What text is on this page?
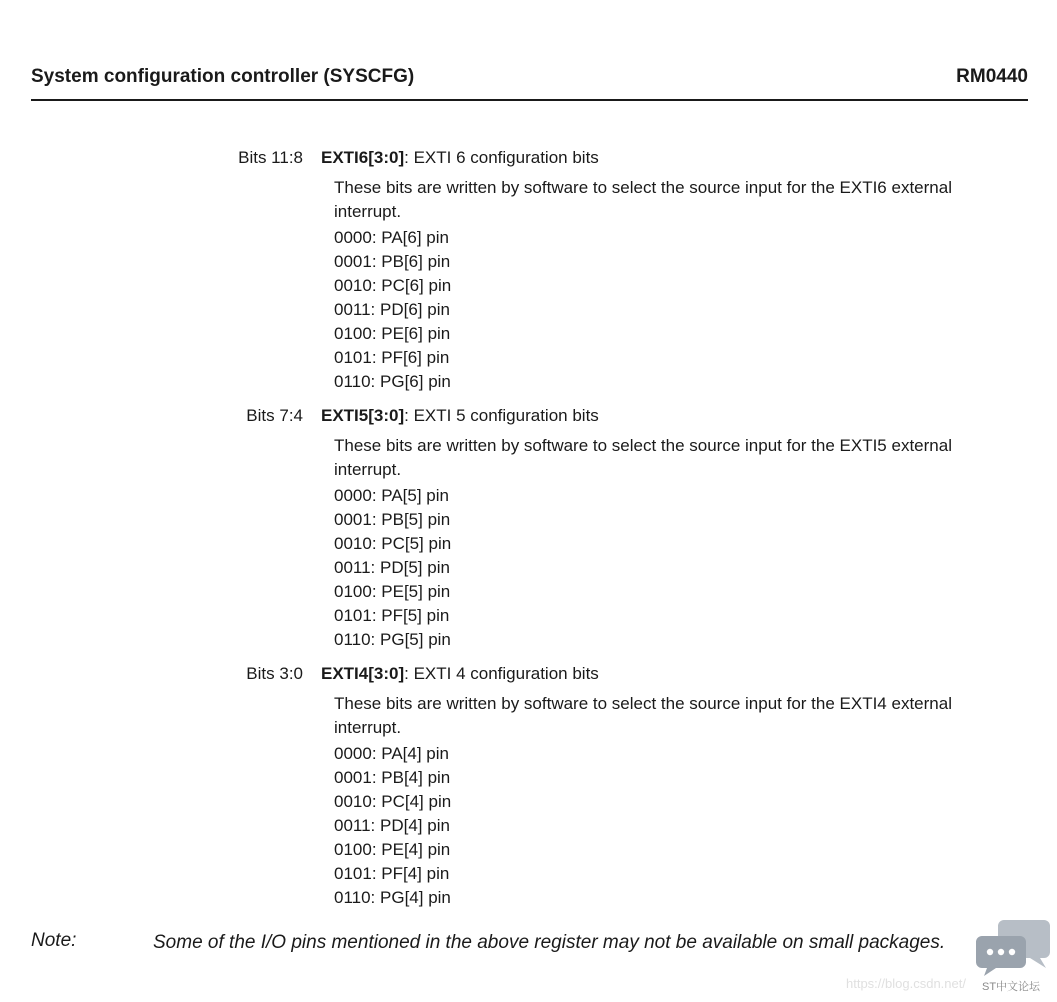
System configuration controller (SYSCFG)	RM0440
Bits 11:8 EXTI6[3:0]: EXTI 6 configuration bits

These bits are written by software to select the source input for the EXTI6 external interrupt.

0000: PA[6] pin

0001: PB[6] pin

0010: PC[6] pin

0011: PD[6] pin

0100: PE[6] pin

0101: PF[6] pin

0110: PG[6] pin

Bits 7:4 EXTI5[3:0]: EXTI 5 configuration bits

These bits are written by software to select the source input for the EXTI5 external interrupt.

0000: PA[5] pin

0001: PB[5] pin

0010: PC[5] pin

0011: PD[5] pin

0100: PE[5] pin

0101: PF[5] pin

0110: PG[5] pin

Bits 3:0 EXTI4[3:0]: EXTI 4 configuration bits

These bits are written by software to select the source input for the EXTI4 external interrupt.

0000: PA[4] pin

0001: PB[4] pin

0010: PC[4] pin

0011: PD[4] pin

0100: PE[4] pin

0101: PF[4] pin

0110: PG[4] pin

Note:	Some of the I/O pins mentioned in the above register may not be available on small packages.
https://blog.csdn.net/ ST中文论坛
